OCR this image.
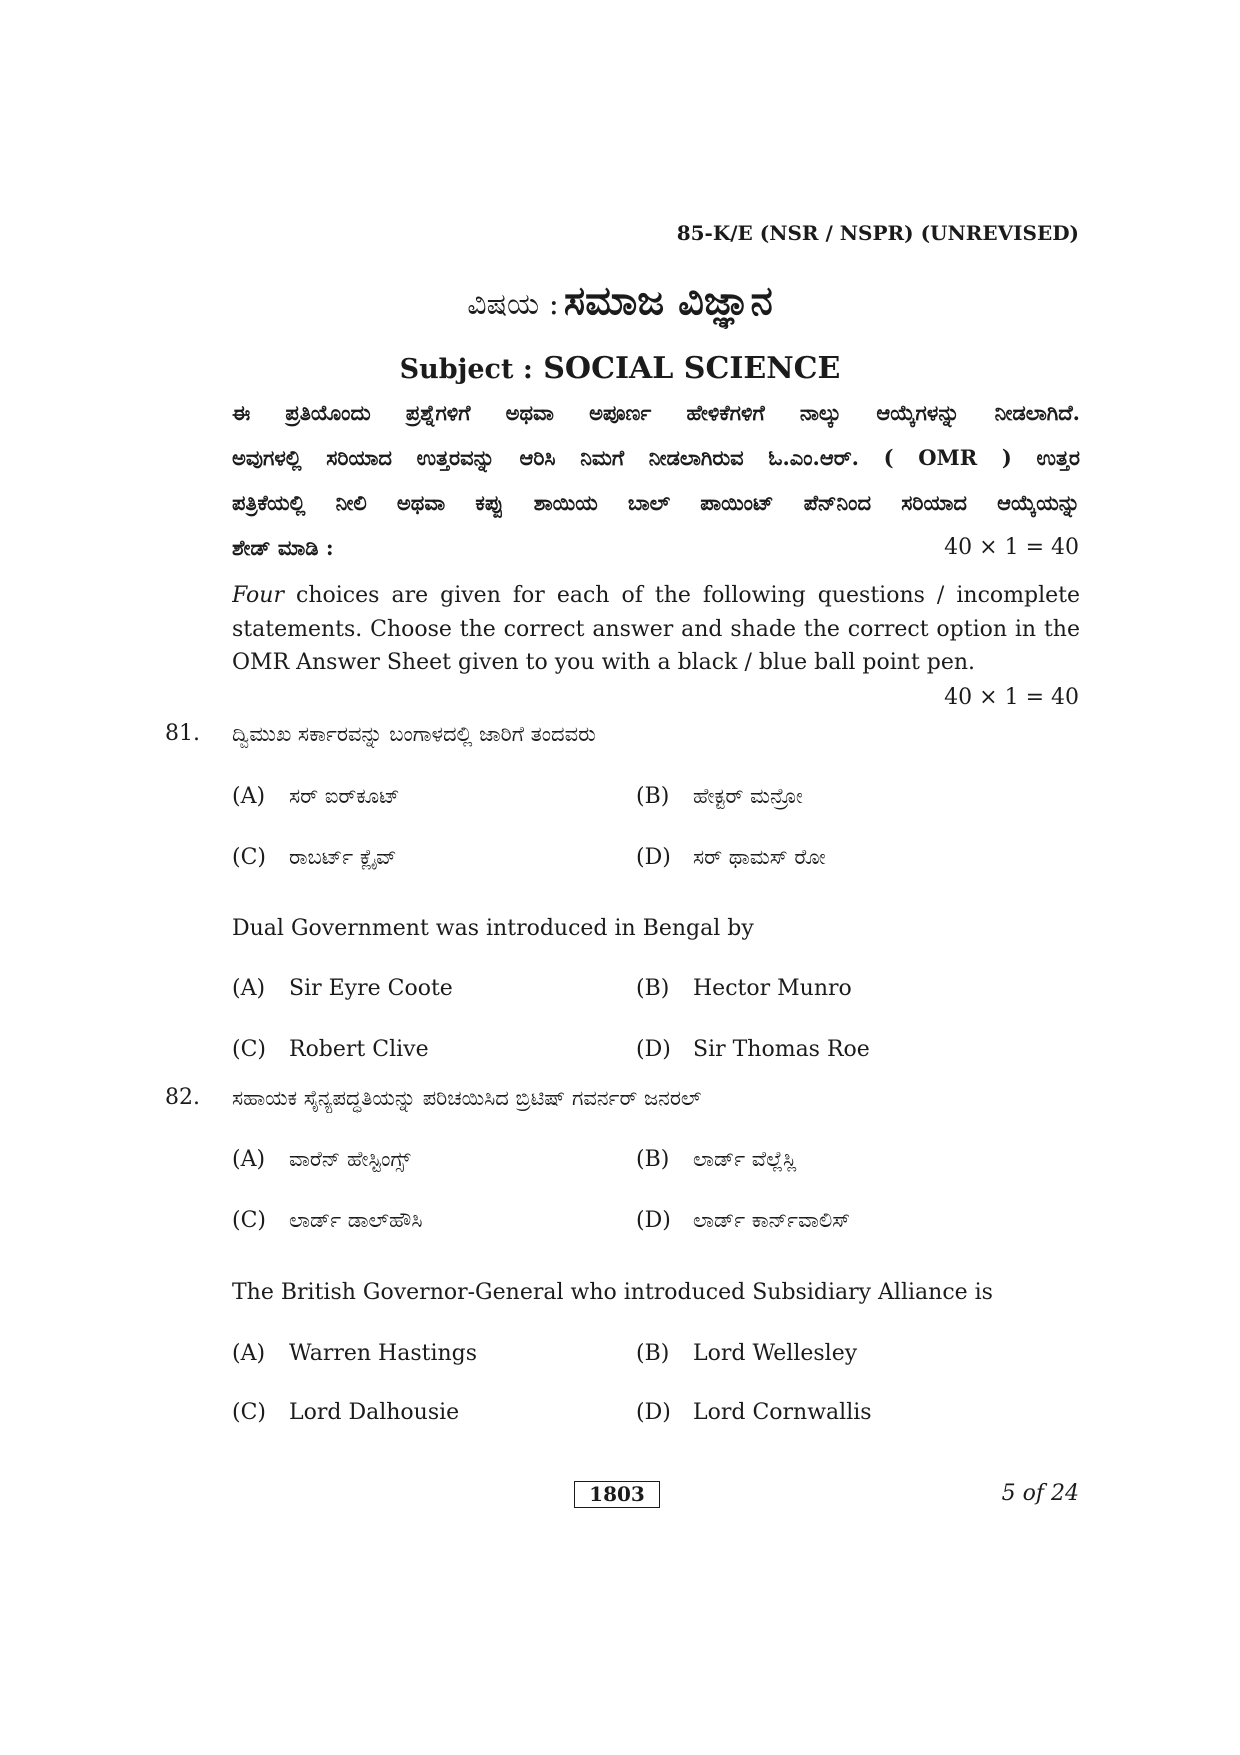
85-K/E (NSR / NSPR) (UNREVISED)
ವಿಷಯ : ಸಮಾಜ ವಿಜ್ಞಾನ
Subject : SOCIAL SCIENCE
ಈ ಪ್ರತಿಯೊಂದು ಪ್ರಶ್ನೆಗಳಿಗೆ ಅಥವಾ ಅಪೂರ್ಣ ಹೇಳಿಕೆಗಳಿಗೆ ನಾಲ್ಕು ಆಯ್ಕೆಗಳನ್ನು ನೀಡಲಾಗಿದೆ.
ಅವುಗಳಲ್ಲಿ ಸರಿಯಾದ ಉತ್ತರವನ್ನು ಆರಿಸಿ ನಿಮಗೆ ನೀಡಲಾಗಿರುವ ಓ.ಎಂ.ಆರ್. ( OMR ) ಉತ್ತರ
ಪತ್ರಿಕೆಯಲ್ಲಿ ನೀಲಿ ಅಥವಾ ಕಪ್ಪು ಶಾಯಿಯ ಬಾಲ್ ಪಾಯಿಂಟ್ ಪೆನ್‌ನಿಂದ ಸರಿಯಾದ ಆಯ್ಕೆಯನ್ನು
ಶೇಡ್ ಮಾಡಿ :	40 × 1 = 40
Four choices are given for each of the following questions / incomplete
statements. Choose the correct answer and shade the correct option in the
OMR Answer Sheet given to you with a black / blue ball point pen.
40 × 1 = 40
81. ದ್ವಿಮುಖ ಸರ್ಕಾರವನ್ನು ಬಂಗಾಳದಲ್ಲಿ ಜಾರಿಗೆ ತಂದವರು
(A) ಸರ್ ಐರ್‌ಕೂಟ್	(B) ಹೇಕ್ಟರ್ ಮನ್ರೋ
(C) ರಾಬರ್ಟ್ ಕ್ಲೈವ್	(D) ಸರ್ ಥಾಮಸ್ ರೋ
Dual Government was introduced in Bengal by
(A) Sir Eyre Coote	(B) Hector Munro
(C) Robert Clive	(D) Sir Thomas Roe
82. ಸಹಾಯಕ ಸೈನ್ಯಪದ್ಧತಿಯನ್ನು ಪರಿಚಯಿಸಿದ ಬ್ರಿಟಿಷ್ ಗವರ್ನರ್ ಜನರಲ್
(A) ವಾರೆನ್ ಹೇಸ್ಟಿಂಗ್ಸ್	(B) ಲಾರ್ಡ್ ವೆಲ್ಲೆಸ್ಲಿ
(C) ಲಾರ್ಡ್ ಡಾಲ್‌ಹೌಸಿ	(D) ಲಾರ್ಡ್ ಕಾರ್ನ್‌ವಾಲಿಸ್
The British Governor-General who introduced Subsidiary Alliance is
(A) Warren Hastings	(B) Lord Wellesley
(C) Lord Dalhousie	(D) Lord Cornwallis
1803	5 of 24
